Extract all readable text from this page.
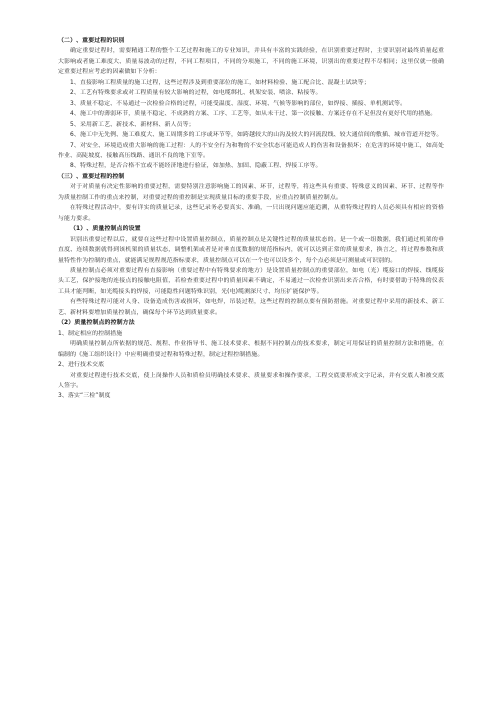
（二）、重要过程的识别

确定重要过程时，需要精通工程的整个工艺过程和施工的专业知识，并具有丰富的实践经验，在识别重要过程时，主要识别对最终质量起重大影响或者施工难度大、质量易波动的过程，不同工程项目，不同的分项施工，不同的施工环境，识别出的重要过程不尽相同；这里仅就一般确定重要过程应考虑的因素做如下分析：

1、直接影响工程质量的施工过程，这些过程涉及到重要部位的施工，如材料检验、施工配合比、混凝土试块等；

2、工艺有特殊要求或对工程质量有较大影响的过程，如电缆绑扎、机架安装、喷涂、粘接等。

3、质量不稳定、不易通过一次检验合格的过程，可能受温度、湿度、环境、气候等影响的部位，如焊接、插接、单机测试等。

4、施工中的薄弱环节，质量不稳定、不成熟的方案、工序、工艺等，如从未干过、第一次接触、方案还存在不足但没有更好代用的措施。

5、采用新工艺、新技术、新材料、新人员等；

6、施工中无先例、施工难度大、施工周期多的工序或环节等，如跨越较大的山沟及较大的河流段线、较大通信间的敷插、城市管道开挖等。

7、对安全、环境造成重大影响的施工过程：人的不安全行为和物的不安全状态可能造成人的伤害和设备损坏；在危害的环境中施工，如高处作业、高陡坡度、接触高压线路、通讯不良的地下室等。

8、特殊过程，是否合格不宜或不能经济地进行验证，如加热、加固、隐蔽工程、焊接工序等。

（三）、重要过程的控制

对于对质量有决定性影响的重要过程，需要特别注意影响施工的因素、环节，过程等，将这些具有重要、特殊意义的因素、环节、过程等作为质量控制工作的重点来控制，对重要过程的重控制是实现质量目标的重要手段，应重点控制质量控制点。

在特殊过程活动中，要有详实的质量记录，这些记录务必要真实、准确，一只出现问题应能追溯，从重特殊过程的人员必须具有相应的资格与能力要求。

（1）、质量控制点的设置

识别出重要过程以后，就要在这些过程中设置质量控制点，质量控制点是关键性过程的质量状态的。是一个或一组数据，我们通过机架的垂直度、连续数据就得到该机架的质量状态，调整机架或者是对垂直度数据的规范指标内，就可以达到正常的质量要求，换言之，将过程参数和质量特性作为控制的重点，就能满足规程规范指标要求，质量控制点可以在一个也可以设多个，每个点必须是可测量或可识别的。

质量控制点必须对重要过程有直接影响（重要过程中有特殊要求的地方）是设置质量控制点的重要部位，如电（光）缆接口的焊接、线缆接头工艺，保护接地的连接点的接触电阻值，若检查重要过程中的质量因素不确定，不易通过一次检查识别出来否合格，有时要借助于特殊的仪表工具才能判断，如光缆接头的焊接，可能隐性问题特殊识别，光(电)缆测深尺寸、均压扩能保护等。

有些特殊过程可能对人身、设备造成伤害或损坏，如电焊，吊装过程，这些过程的控制点要有预防措施。对重要过程中采用的新技术、新工艺、新材料要增加质量控制点，确保每个环节达到质量要求。

（2）质量控制点的控制方法

1、制定相应的控制措施

明确质量控制点所依据的规范、规程、作业指导书、施工技术要求、根据不同控制点的技术要求，制定可用保证的质量控制方法和措施，在编制的《施工组织设计》中应明确重要过程和特殊过程，制定过程控制措施。

2、进行技术交底

对重要过程进行技术交底，使上岗操作人员和质检员明确技术要求、质量要求和操作要求，工程交底要形成文字记录，并有交底人和被交底人签字。

3、落实“三检”制度
